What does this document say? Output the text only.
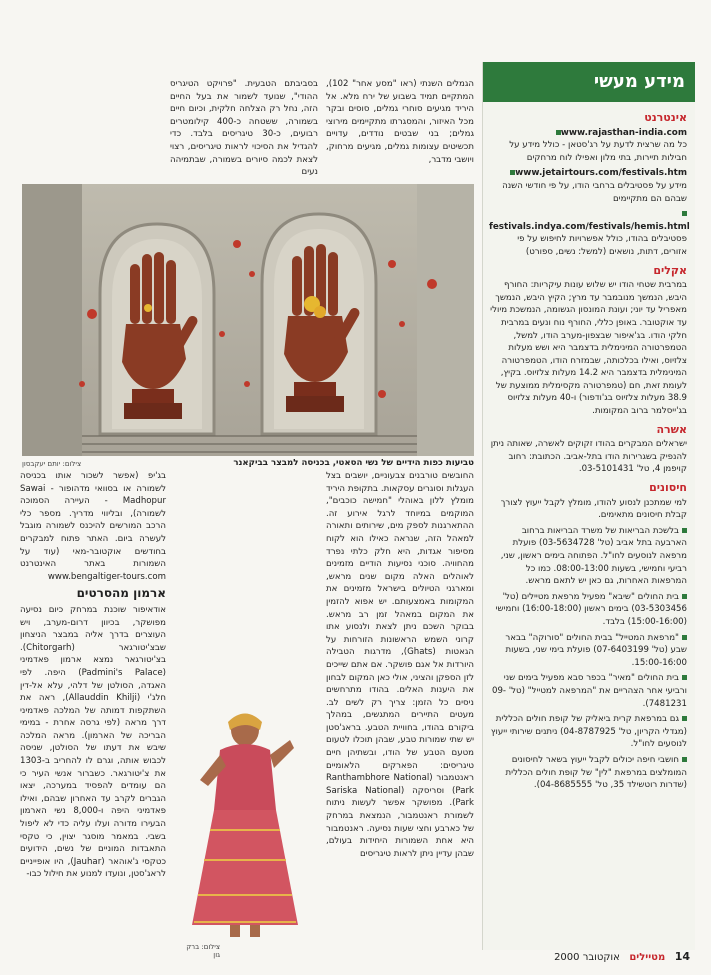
מידע מעשי
אינטרנט
www.rajasthan-india.com

כל מה שרצית לדעת על רג'סטאן - כולל מידע על חבילות תיירות, בתי מלון ואפילו לוח מרחקים

www.jetairtours.com/festivals.htm

מידע על פסטיבלים ברחבי הודו, על פי חודשי השנה שבהם הם מתקיימים

festivals.indya.com/festivals/hemis.html

פסטיבלים בהודו, כולל אפשרויות לחיפוש על פי אזורים, דתות, נושאים (למשל: נשים, ספורט)

אקלים

במרבית שטחי הודו יש שלוש עונות עיקריות: החורף היבש, הנמשך מנובמבר עד מרץ; הקיץ היבש, הנמשך מאפריל עד יוני; ועונת המונסון הגשומה, הנמשכת מיולי עד אוקטובר. באופן כללי, החורף נוח ונעים במרבית חלקי הודו. בג'איפור שבצפון-מערב הודו, למשל, הטמפרטורה המינימלית בדצמבר היא ושש מעלות צלזיוס, ואילו בכלכותה, שבמזרח הודו, הטמפרטורה המינימלית בדצמבר היא 14.2 מעלות צלזיוס. בקיץ, לעומת זאת, חם (טמפרטורה מקסימלית ממוצעת של 38.9 מעלות צלזיוס בג'ודפור) ו-40 מעלות צלזיוס בג'ייסלמר ברוב המקומות.

אשרה

ישראלים המבקרים בהודו זקוקים לאשרה, שאותה ניתן להנפיק בשגרירות הודו בתל-אביב. הכתובת: רחוב קויפמן 4, טל' 03-5101431.

חיסונים

למי שמתכנן לנסוע להודו, מומלץ לקבל ייעוץ לצורך קבלת חיסונים מתאימים.

בלשכת הבריאות של משרד הבריאות ברחוב הארבעה בתל אביב (טל' 03-5634728) פועלת מרפאה לנוסעים לחו"ל. הפתוחה בימים ראשון, שני, רביעי וחמישי, בשעות 08:00-13:00. כמו כל המרפאות האחרות, גם כאן יש לתאם מראש.

בית החולים "שיבא" מפעיל מרפאת מטיילים (טל' 03-5303456) בימים ראשון (16:00-18:00) וחמישי (15:00-16:00) בלבד.

"מרפאת המטייל" בבית החולים "סורוקה" בבאר שבע (טל' 07-6403199) פועלת בימי שני, בשעות 15:00-16:00.

בית החולים "מאיר" בכפר סבא מפעיל בימים שני ורביעי אחר הצהריים את "המרפאה למטייל" (טל' 09-7481231).

גם במרפאת קרית ביאליק של קופת חולים הכללית (מגדלי הקריון, טל' 04-8787925) ניתנים שירותי ייעוץ לנוסעים לחו"ל.

חושבי חיפה יכולים לקבל ייעוץ בשאר לחיסונים המומלצים במרפאת "לין" של קופת חולים הכללית (שדרות רוטשילד 35, טל' 04-8685555).

הגמלים השנתי (ראו "מסע אחר" 102), המתקיים תמיד בשבוע של ירח מלא. אל היריד מגיעים סוחרי גמלים, סוסים ובקר מכל האיזור, והמסגרתו מתקיימים מירוצי גמלים; בני שבטים נודדים, עדויים תכשיטים עצומות גמלים, מגיעים מרחוק, ויושבי מדבר,
בסביבתם הטבעית. "פרויקט הטיגריס ההודי", שנועד לשמור את בעל החיים הזה, נחל רק הצלחה חלקית, וכיום חיים בשמורה, ששטחה כ-400 קילומטרים רבועים, כ-30 טיגריסים בלבד. כדי להגדיל את הסיכוי לראות טיגריסים, רצוי לצאת לכמה סיורים בשמורה, שבתמיהה נעים
טביעות כפות הידיים של נשי הסאטי, בכניסה למבצר בביקאנר
צילום: יותם יעקבסון
החובשים טורבנים צבעוניים, יושבים בצל העגלות וסוגרים עסקאות. בתקופת היריד מומלץ ללון באוהלי "חמישה כוכבים", המוקמים במיוחד לרגל אירוע זה. ההתארגנות לספק מים, שירותים ותאורה למאהל הזה, שנראה כאילו הוא לקוח מסיפור אגדות, היא חלק כלתי נפרד מהחוויה. סוכני נסיעות הודיים מזמינים לאוהלים האלה מקום שנים מראש, ומארגני הטיולים בישראל מזמינים את המקומות באמצעותם. יש אפוא להזמין את המקום במאהל זמן רב מראש. בבוקר השכם ניתן לצאת ולנסוע אתו קרוני השמש הראשונות הזורחות על הגאטות (Ghats), מדרגות הטבילה היורדות אל אגם פושקר. אם אתם שייכים לזן הספקן והציני, אולי כאן המקום לבחון את היענות האלים. בהודו מתרחשים ניסים כל הזמן: צריך רק לשים לב. מעטים התיירים המתגשים, במהלך ביקורם בהודו, בחוויית הטבע. בראג'סטן יש שתי שמורות טבע, שבהן תוכלו לטעום מטעם הטבע של הודו, ובשתיהן חיים טיגריסים: הפארקים הלאומיים ראנטמבור (Ranthambhore National Park) וסריסקה (Sariska National Park). מפושקר אפשר לעשות ניתוח לשמורת ראנטמבור, הנמצאת במרחק של כארבע וחצי שעות נסיעה. ראנטמבור היא אחת השמורות היחידות בעולם, שבהן עדיין ניתן לראות טיגריסים
בג'יפ (אפשר לשכור אותו בכניסה לשמורה או בסוואי מדהופור - Sawai Madhopur - העיירה הסמוכה לשמורה), ובליווי מדריך. מספר כלי הרכב המורשים להיכנס לשמורה מוגבל לעשרה ביום. האתר פתוח למבקרים בחודשים אוקטובר-מאי (עוד על השמורות באתר האינטרנט www.bengaltiger-tours.com
ארמון מהסרטים
אודאיפור שוכנת במרחק כיום נסיעה מפושקר, בכיוון דרום-מערב, ויש העוצרים בדרך אליה במבצר הניצחון שבצ'יטורגאר (Chitorgarh). בצ'יטורגאר נמצא ארמון פאדמיני (Padmini's Palace) היפה. לפי האגדה, הסולטן של דלהי, עלא אל-דין חלג'י (Allauddin Khilji), ראה את השתקפות דמותה של המלכה פאדמיני דרך מראה (לפי גרסה אחרת - במימי הבריכה של הארמון). מראה המלכה שיבש את דעתו של הסולטן, שניסה לכבוש אותה, וגרם לו להחריב ב-1303 את צ'יטורגאר. כשברור אנשי העיר כי הם עומדים להפסיד במערכה, יצאו הגברים לקרב עד האחרון שבהם, ואילו פאדמיני היפה ו-8,000 נשי הארמון הבעירו מדורה ועלו עליה כדי לא ליפול בשבי. במאמר מוסגר יצוין, כי טקסי התאבדות המוניים של נשים, הידועים כטקסי ג'אוהאר (Jauhar), היו אופייניים לראג'סטן, ונועדו למנוע את חילול כבו-
צילום: ברק גון	14 מטיילים אוקטובר 2000
